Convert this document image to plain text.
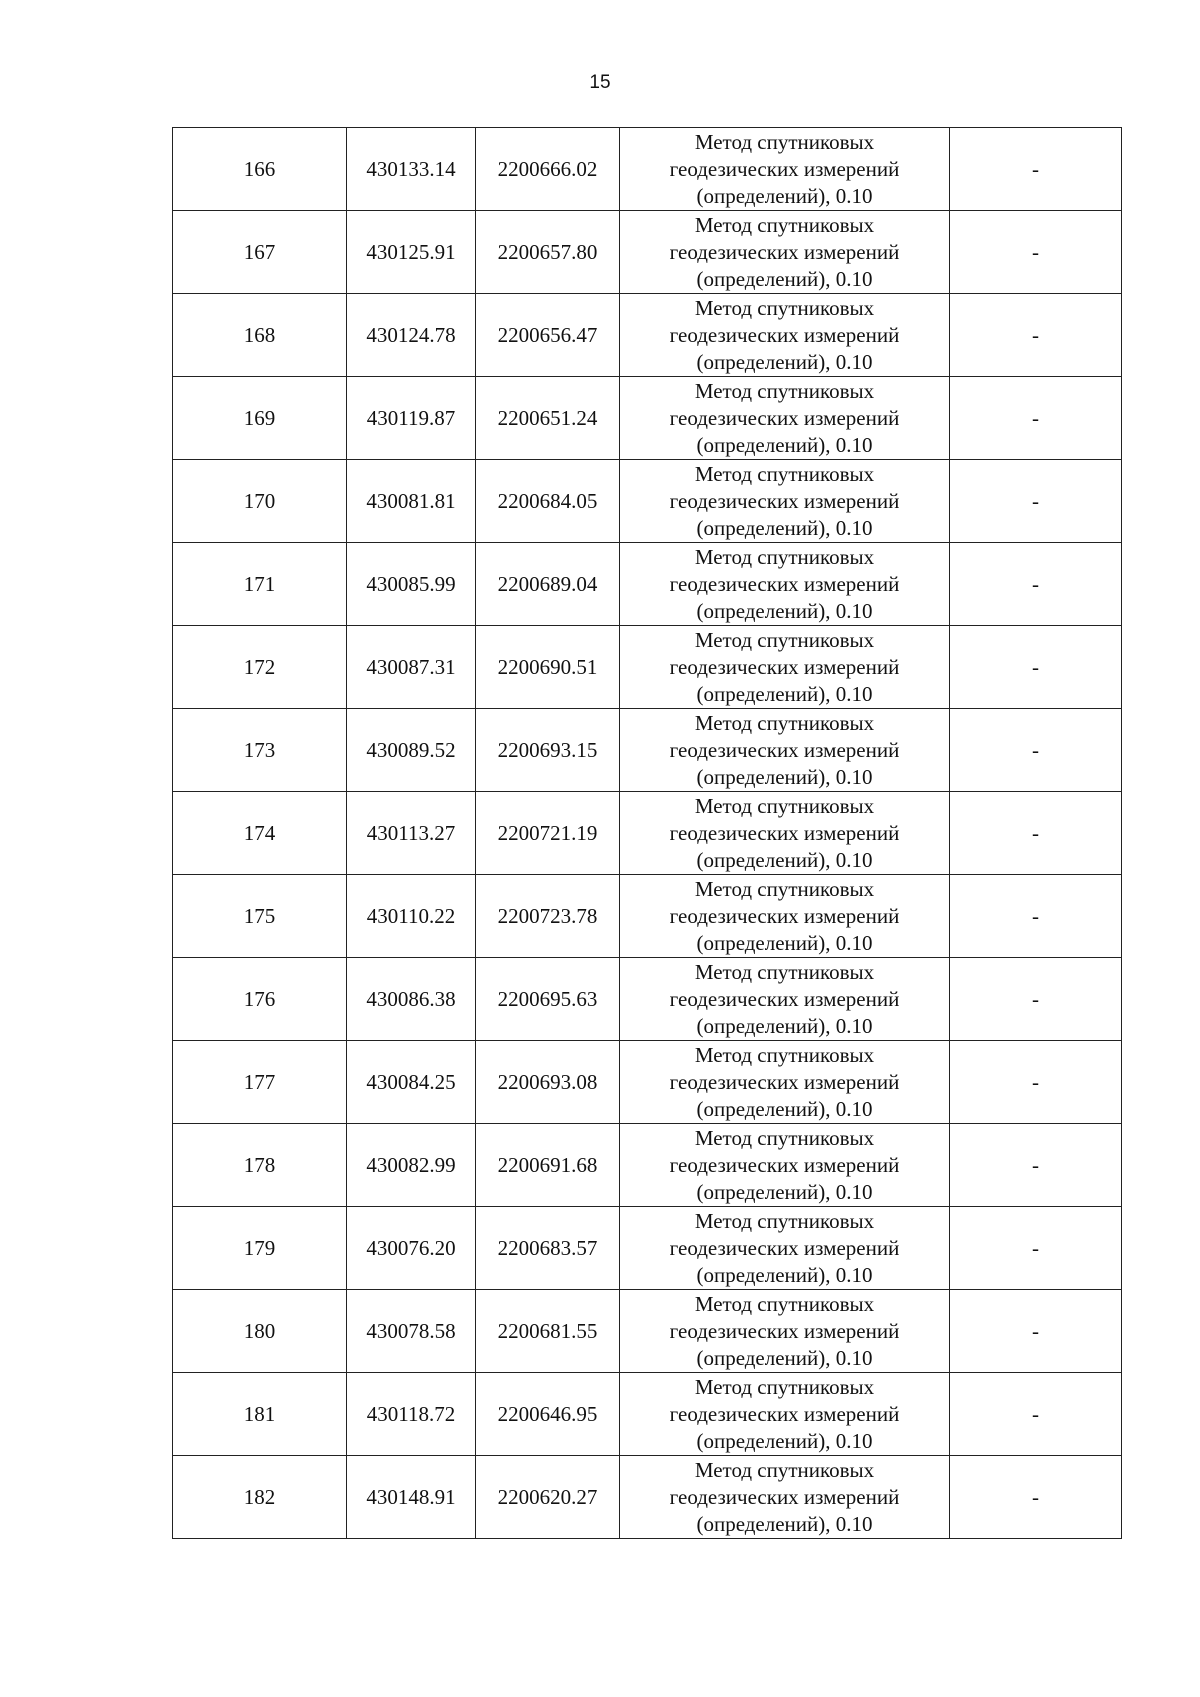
15
166	430133.14	2200666.02	Метод спутниковых
геодезических измерений
(определений), 0.10	-
167	430125.91	2200657.80	Метод спутниковых
геодезических измерений
(определений), 0.10	-
168	430124.78	2200656.47	Метод спутниковых
геодезических измерений
(определений), 0.10	-
169	430119.87	2200651.24	Метод спутниковых
геодезических измерений
(определений), 0.10	-
170	430081.81	2200684.05	Метод спутниковых
геодезических измерений
(определений), 0.10	-
171	430085.99	2200689.04	Метод спутниковых
геодезических измерений
(определений), 0.10	-
172	430087.31	2200690.51	Метод спутниковых
геодезических измерений
(определений), 0.10	-
173	430089.52	2200693.15	Метод спутниковых
геодезических измерений
(определений), 0.10	-
174	430113.27	2200721.19	Метод спутниковых
геодезических измерений
(определений), 0.10	-
175	430110.22	2200723.78	Метод спутниковых
геодезических измерений
(определений), 0.10	-
176	430086.38	2200695.63	Метод спутниковых
геодезических измерений
(определений), 0.10	-
177	430084.25	2200693.08	Метод спутниковых
геодезических измерений
(определений), 0.10	-
178	430082.99	2200691.68	Метод спутниковых
геодезических измерений
(определений), 0.10	-
179	430076.20	2200683.57	Метод спутниковых
геодезических измерений
(определений), 0.10	-
180	430078.58	2200681.55	Метод спутниковых
геодезических измерений
(определений), 0.10	-
181	430118.72	2200646.95	Метод спутниковых
геодезических измерений
(определений), 0.10	-
182	430148.91	2200620.27	Метод спутниковых
геодезических измерений
(определений), 0.10	-
